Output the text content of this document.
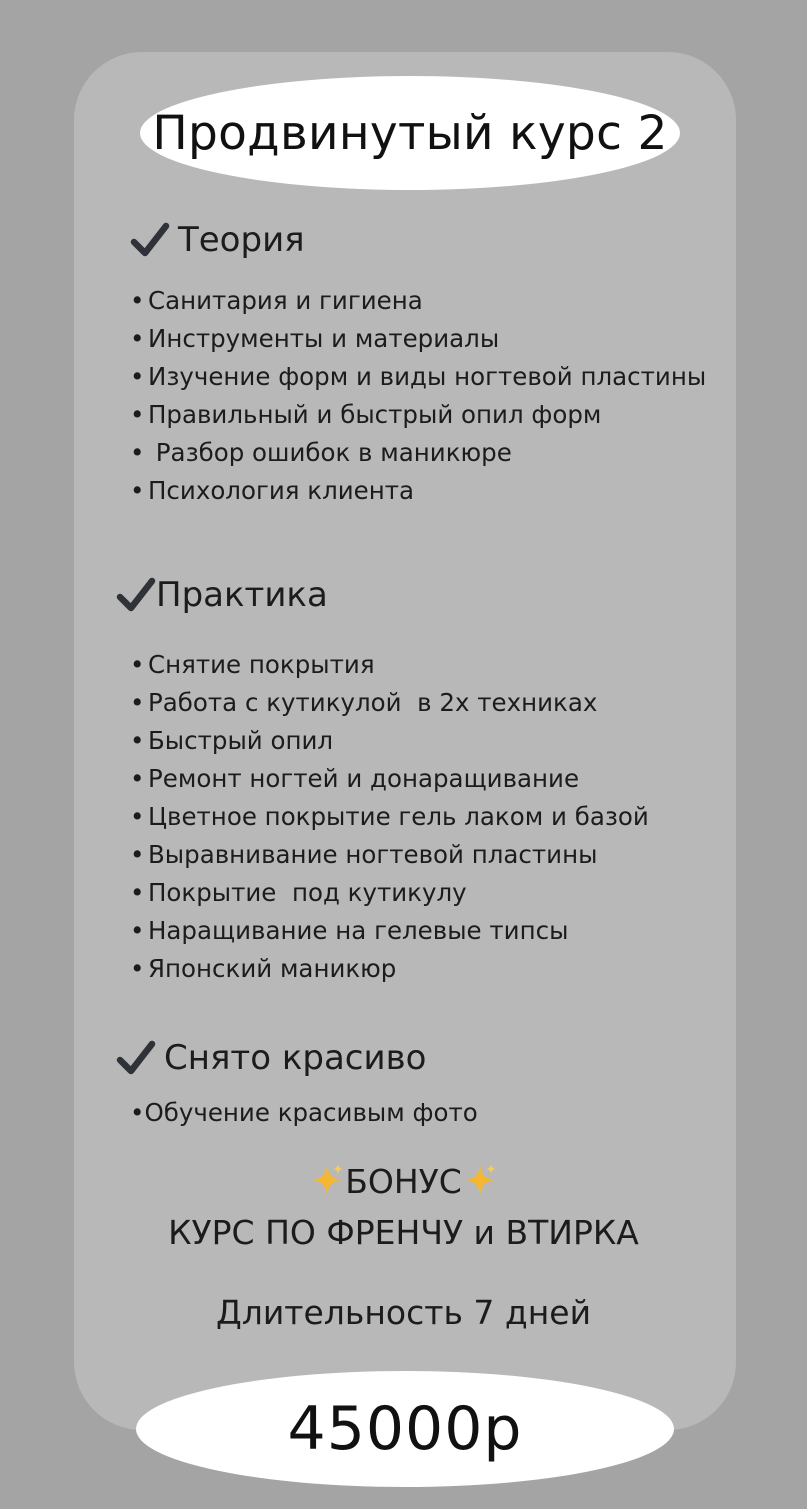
Продвинутый курс 2
Теория
• Санитария и гигиена
• Инструменты и материалы
• Изучение форм и виды ногтевой пластины
• Правильный и быстрый опил форм
• Разбор ошибок в маникюре
• Психология клиента
Практика
• Снятие покрытия
• Работа с кутикулой  в 2х техниках
• Быстрый опил
• Ремонт ногтей и донаращивание
• Цветное покрытие гель лаком и базой
• Выравнивание ногтевой пластины
• Покрытие  под кутикулу
• Наращивание на гелевые типсы
• Японский маникюр
Снято красиво
•Обучение красивым фото
БОНУС
КУРС ПО ФРЕНЧУ и ВТИРКА
Длительность 7 дней
45000р
